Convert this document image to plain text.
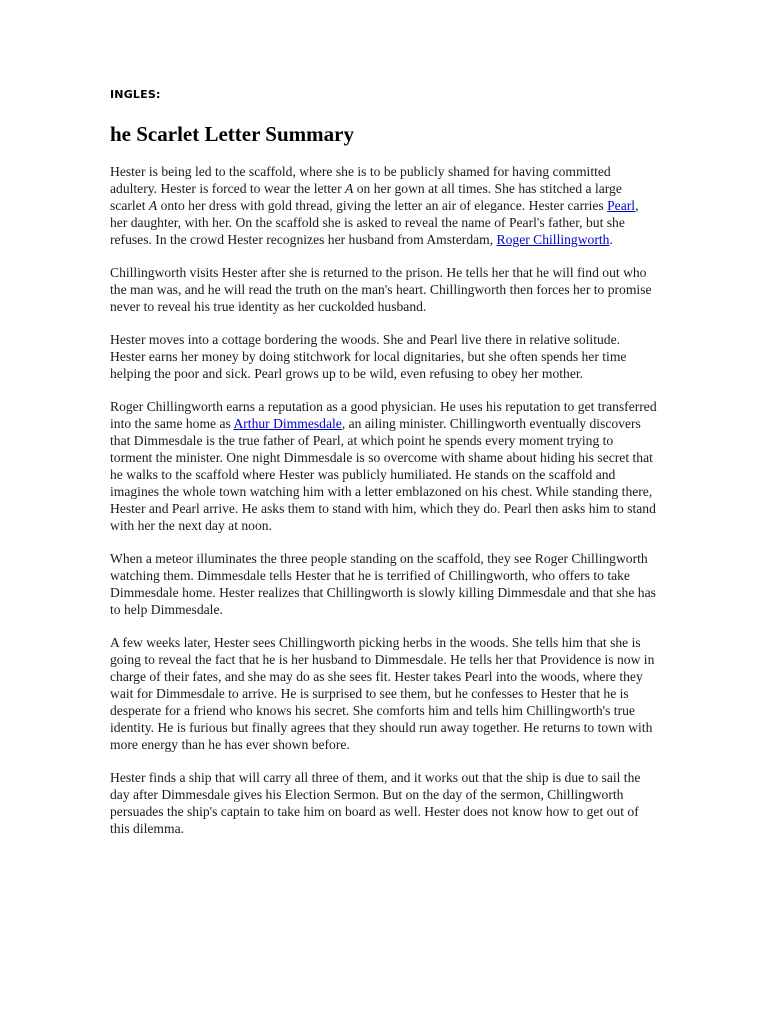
INGLES:
he Scarlet Letter Summary

Hester is being led to the scaffold, where she is to be publicly shamed for having committed adultery. Hester is forced to wear the letter A on her gown at all times. She has stitched a large scarlet A onto her dress with gold thread, giving the letter an air of elegance. Hester carries Pearl, her daughter, with her. On the scaffold she is asked to reveal the name of Pearl's father, but she refuses. In the crowd Hester recognizes her husband from Amsterdam, Roger Chillingworth.

Chillingworth visits Hester after she is returned to the prison. He tells her that he will find out who the man was, and he will read the truth on the man's heart. Chillingworth then forces her to promise never to reveal his true identity as her cuckolded husband.

Hester moves into a cottage bordering the woods. She and Pearl live there in relative solitude. Hester earns her money by doing stitchwork for local dignitaries, but she often spends her time helping the poor and sick. Pearl grows up to be wild, even refusing to obey her mother.

Roger Chillingworth earns a reputation as a good physician. He uses his reputation to get transferred into the same home as Arthur Dimmesdale, an ailing minister. Chillingworth eventually discovers that Dimmesdale is the true father of Pearl, at which point he spends every moment trying to torment the minister. One night Dimmesdale is so overcome with shame about hiding his secret that he walks to the scaffold where Hester was publicly humiliated. He stands on the scaffold and imagines the whole town watching him with a letter emblazoned on his chest. While standing there, Hester and Pearl arrive. He asks them to stand with him, which they do. Pearl then asks him to stand with her the next day at noon.

When a meteor illuminates the three people standing on the scaffold, they see Roger Chillingworth watching them. Dimmesdale tells Hester that he is terrified of Chillingworth, who offers to take Dimmesdale home. Hester realizes that Chillingworth is slowly killing Dimmesdale and that she has to help Dimmesdale.

A few weeks later, Hester sees Chillingworth picking herbs in the woods. She tells him that she is going to reveal the fact that he is her husband to Dimmesdale. He tells her that Providence is now in charge of their fates, and she may do as she sees fit. Hester takes Pearl into the woods, where they wait for Dimmesdale to arrive. He is surprised to see them, but he confesses to Hester that he is desperate for a friend who knows his secret. She comforts him and tells him Chillingworth's true identity. He is furious but finally agrees that they should run away together. He returns to town with more energy than he has ever shown before.

Hester finds a ship that will carry all three of them, and it works out that the ship is due to sail the day after Dimmesdale gives his Election Sermon. But on the day of the sermon, Chillingworth persuades the ship's captain to take him on board as well. Hester does not know how to get out of this dilemma.
